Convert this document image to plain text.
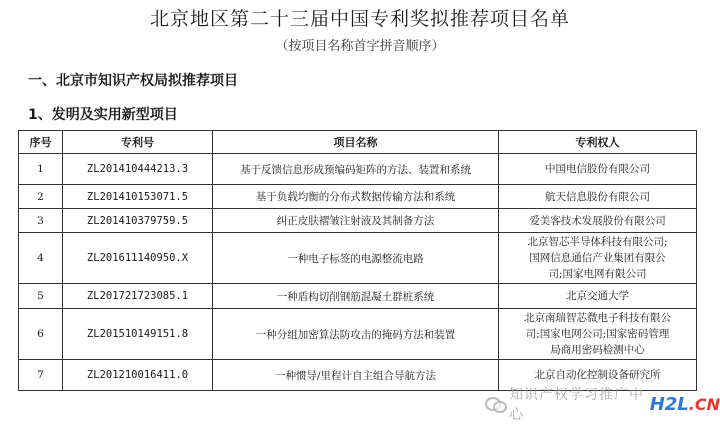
北京地区第二十三届中国专利奖拟推荐项目名单
（按项目名称首字拼音顺序）
一、北京市知识产权局拟推荐项目
1、发明及实用新型项目
序号	专利号	项目名称	专利权人
1	ZL201410444213.3	基于反馈信息形成预编码矩阵的方法、装置和系统	中国电信股份有限公司
2	ZL201410153071.5	基于负载均衡的分布式数据传输方法和系统	航天信息股份有限公司
3	ZL201410379759.5	纠正皮肤褶皱注射液及其制备方法	爱美客技术发展股份有限公司
4	ZL201611140950.X	一种电子标签的电源整流电路	北京智芯半导体科技有限公司;
国网信息通信产业集团有限公
司;国家电网有限公司
5	ZL201721723085.1	一种盾构切削钢筋混凝土群桩系统	北京交通大学
6	ZL201510149151.8	一种分组加密算法防攻击的掩码方法和装置	北京南瑞智芯微电子科技有限公
司;国家电网公司;国家密码管理
局商用密码检测中心
7	ZL201210016411.0	一种惯导/里程计自主组合导航方法	北京自动化控制设备研究所
知识产权学习推广中心
H2L . CN
